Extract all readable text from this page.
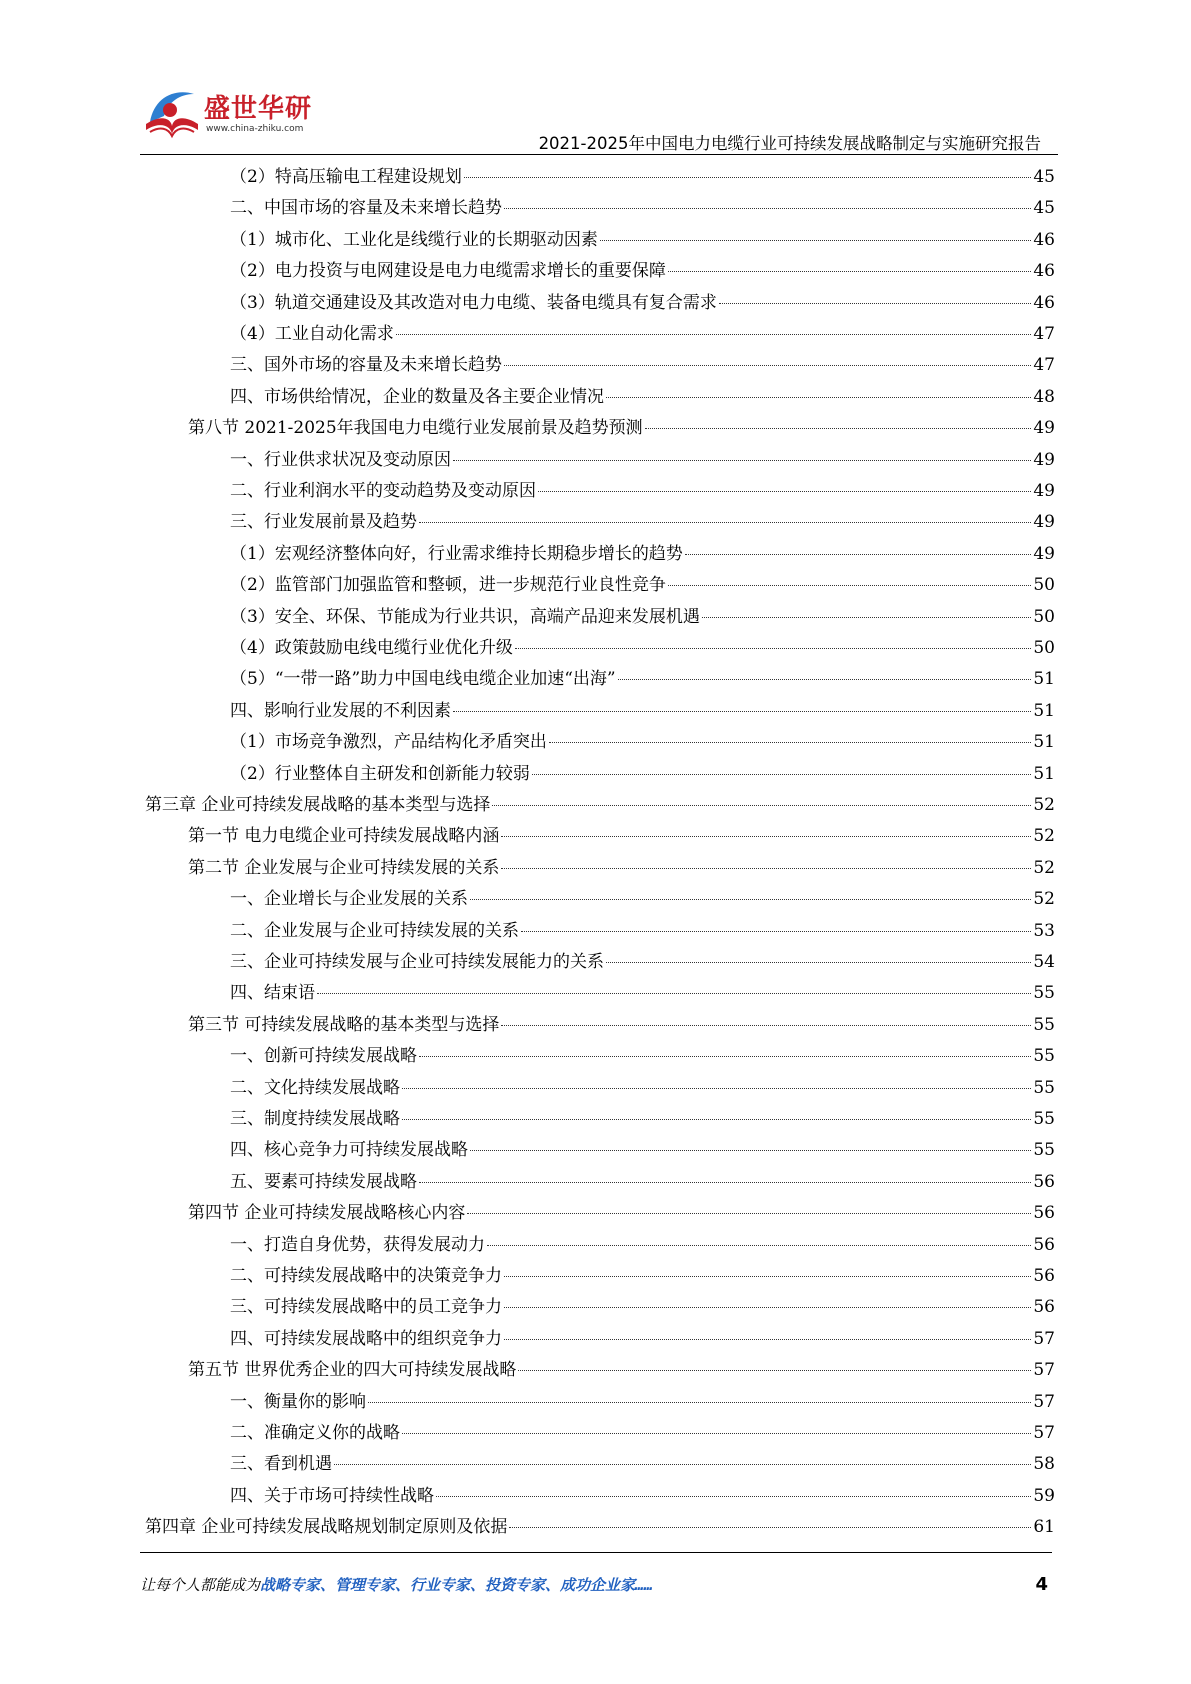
盛世华研
www.china-zhiku.com
2021-2025年中国电力电缆行业可持续发展战略制定与实施研究报告
（2）特高压输电工程建设规划	45
二、中国市场的容量及未来增长趋势	45
（1）城市化、工业化是线缆行业的长期驱动因素	46
（2）电力投资与电网建设是电力电缆需求增长的重要保障	46
（3）轨道交通建设及其改造对电力电缆、装备电缆具有复合需求	46
（4）工业自动化需求	47
三、国外市场的容量及未来增长趋势	47
四、市场供给情况，企业的数量及各主要企业情况	48
第八节 2021-2025年我国电力电缆行业发展前景及趋势预测	49
一、行业供求状况及变动原因	49
二、行业利润水平的变动趋势及变动原因	49
三、行业发展前景及趋势	49
（1）宏观经济整体向好，行业需求维持长期稳步增长的趋势	49
（2）监管部门加强监管和整顿，进一步规范行业良性竞争	50
（3）安全、环保、节能成为行业共识，高端产品迎来发展机遇	50
（4）政策鼓励电线电缆行业优化升级	50
（5）“一带一路”助力中国电线电缆企业加速“出海”	51
四、影响行业发展的不利因素	51
（1）市场竞争激烈，产品结构化矛盾突出	51
（2）行业整体自主研发和创新能力较弱	51
第三章 企业可持续发展战略的基本类型与选择	52
第一节 电力电缆企业可持续发展战略内涵	52
第二节 企业发展与企业可持续发展的关系	52
一、企业增长与企业发展的关系	52
二、企业发展与企业可持续发展的关系	53
三、企业可持续发展与企业可持续发展能力的关系	54
四、结束语	55
第三节 可持续发展战略的基本类型与选择	55
一、创新可持续发展战略	55
二、文化持续发展战略	55
三、制度持续发展战略	55
四、核心竞争力可持续发展战略	55
五、要素可持续发展战略	56
第四节 企业可持续发展战略核心内容	56
一、打造自身优势，获得发展动力	56
二、可持续发展战略中的决策竞争力	56
三、可持续发展战略中的员工竞争力	56
四、可持续发展战略中的组织竞争力	57
第五节 世界优秀企业的四大可持续发展战略	57
一、衡量你的影响	57
二、准确定义你的战略	57
三、看到机遇	58
四、关于市场可持续性战略	59
第四章 企业可持续发展战略规划制定原则及依据	61
让每个人都能成为战略专家、管理专家、行业专家、投资专家、成功企业家……	4
